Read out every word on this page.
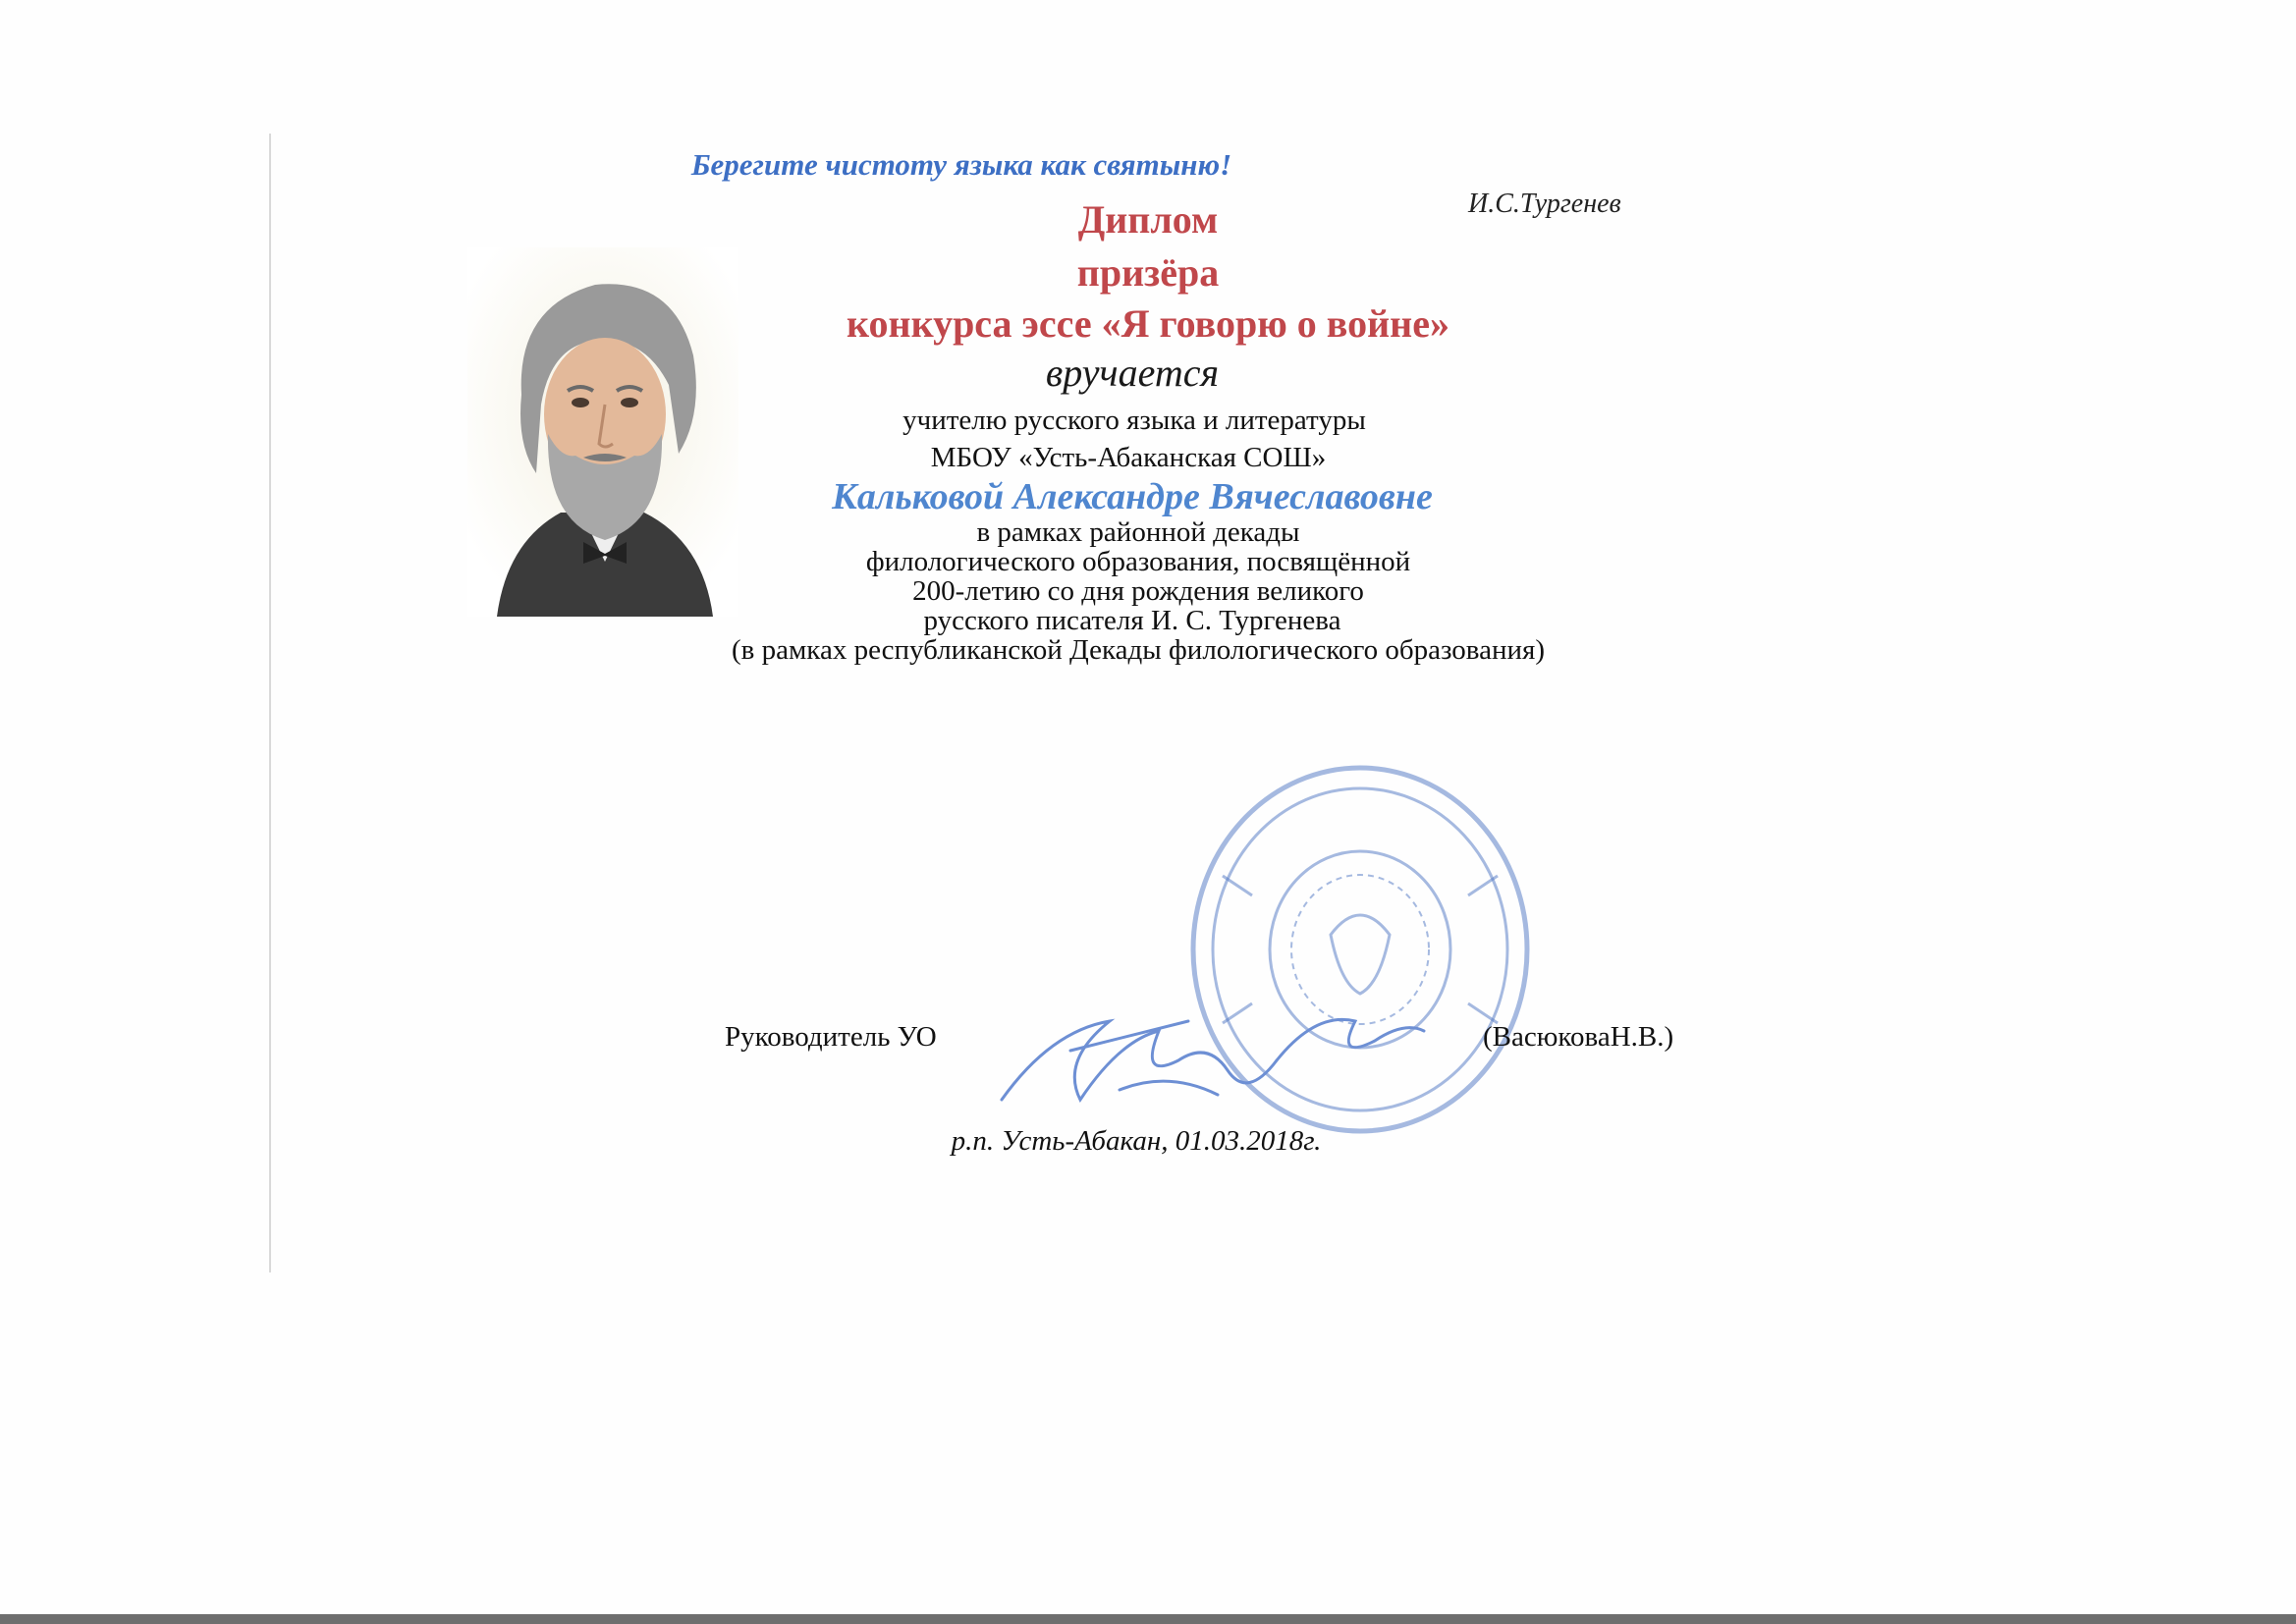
Берегите чистоту языка как святыню!
И.С.Тургенев
Диплом
призёра
конкурса эссе «Я говорю о войне»
вручается
учителю русского языка и литературы
МБОУ «Усть-Абаканская СОШ»
Кальковой Александре Вячеславовне
в рамках районной декады
филологического образования, посвящённой
200-летию со дня рождения великого
русского писателя И. С. Тургенева
(в рамках республиканской Декады филологического образования)
Руководитель УО	(ВасюковаН.В.)
р.п. Усть-Абакан, 01.03.2018г.
